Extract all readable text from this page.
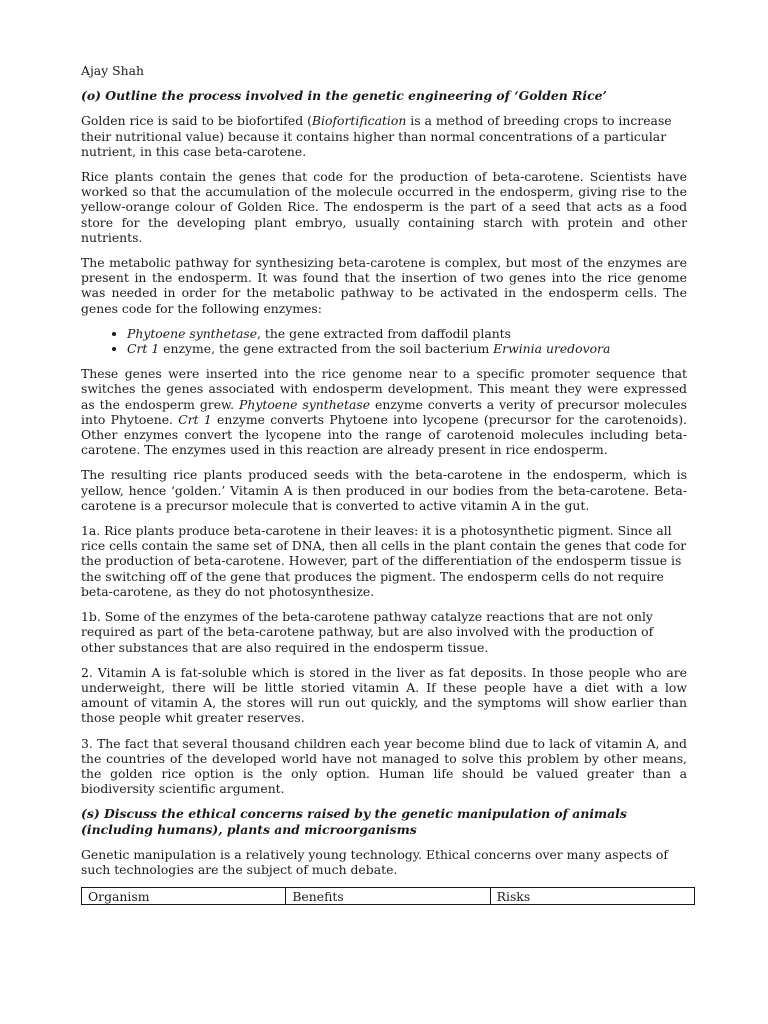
Ajay Shah

(o) Outline the process involved in the genetic engineering of ‘Golden Rice’

Golden rice is said to be biofortifed (Biofortification is a method of breeding crops to increase their nutritional value) because it contains higher than normal concentrations of a particular nutrient, in this case beta-carotene.

Rice plants contain the genes that code for the production of beta-carotene. Scientists have worked so that the accumulation of the molecule occurred in the endosperm, giving rise to the yellow-orange colour of Golden Rice. The endosperm is the part of a seed that acts as a food store for the developing plant embryo, usually containing starch with protein and other nutrients.

The metabolic pathway for synthesizing beta-carotene is complex, but most of the enzymes are present in the endosperm. It was found that the insertion of two genes into the rice genome was needed in order for the metabolic pathway to be activated in the endosperm cells. The genes code for the following enzymes:

• Phytoene synthetase, the gene extracted from daffodil plants
• Crt 1 enzyme, the gene extracted from the soil bacterium Erwinia uredovora

These genes were inserted into the rice genome near to a specific promoter sequence that switches the genes associated with endosperm development. This meant they were expressed as the endosperm grew. Phytoene synthetase enzyme converts a verity of precursor molecules into Phytoene. Crt 1 enzyme converts Phytoene into lycopene (precursor for the carotenoids). Other enzymes convert the lycopene into the range of carotenoid molecules including beta-carotene. The enzymes used in this reaction are already present in rice endosperm.

The resulting rice plants produced seeds with the beta-carotene in the endosperm, which is yellow, hence ‘golden.’ Vitamin A is then produced in our bodies from the beta-carotene. Beta-carotene is a precursor molecule that is converted to active vitamin A in the gut.

1a. Rice plants produce beta-carotene in their leaves: it is a photosynthetic pigment. Since all rice cells contain the same set of DNA, then all cells in the plant contain the genes that code for the production of beta-carotene. However, part of the differentiation of the endosperm tissue is the switching off of the gene that produces the pigment. The endosperm cells do not require beta-carotene, as they do not photosynthesize.

1b. Some of the enzymes of the beta-carotene pathway catalyze reactions that are not only required as part of the beta-carotene pathway, but are also involved with the production of other substances that are also required in the endosperm tissue.

2. Vitamin A is fat-soluble which is stored in the liver as fat deposits. In those people who are underweight, there will be little storied vitamin A. If these people have a diet with a low amount of vitamin A, the stores will run out quickly, and the symptoms will show earlier than those people whit greater reserves.

3. The fact that several thousand children each year become blind due to lack of vitamin A, and the countries of the developed world have not managed to solve this problem by other means, the golden rice option is the only option. Human life should be valued greater than a biodiversity scientific argument.

(s) Discuss the ethical concerns raised by the genetic manipulation of animals (including humans), plants and microorganisms

Genetic manipulation is a relatively young technology. Ethical concerns over many aspects of such technologies are the subject of much debate.

Organism	Benefits	Risks
